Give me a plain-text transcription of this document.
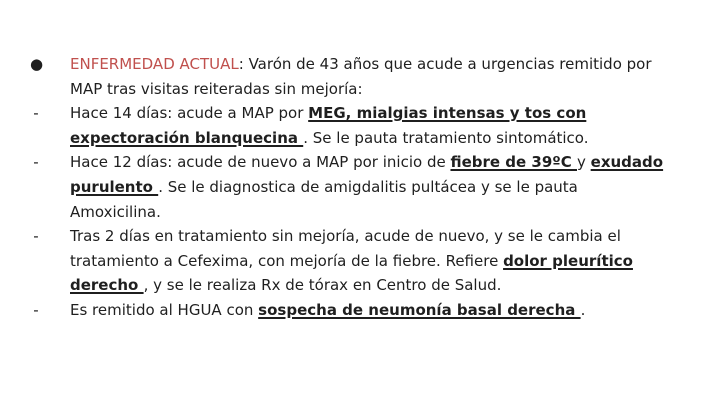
● ENFERMEDAD ACTUAL: Varón de 43 años que acude a urgencias remitido por MAP tras visitas reiteradas sin mejoría:
- Hace 14 días: acude a MAP por MEG, mialgias intensas y tos con expectoración blanquecina . Se le pauta tratamiento sintomático.
- Hace 12 días: acude de nuevo a MAP por inicio de fiebre de 39ºC y exudado purulento . Se le diagnostica de amigdalitis pultácea y se le pauta Amoxicilina.
- Tras 2 días en tratamiento sin mejoría, acude de nuevo, y se le cambia el tratamiento a Cefexima, con mejoría de la fiebre. Refiere dolor pleurítico derecho , y se le realiza Rx de tórax en Centro de Salud.
- Es remitido al HGUA con sospecha de neumonía basal derecha .
